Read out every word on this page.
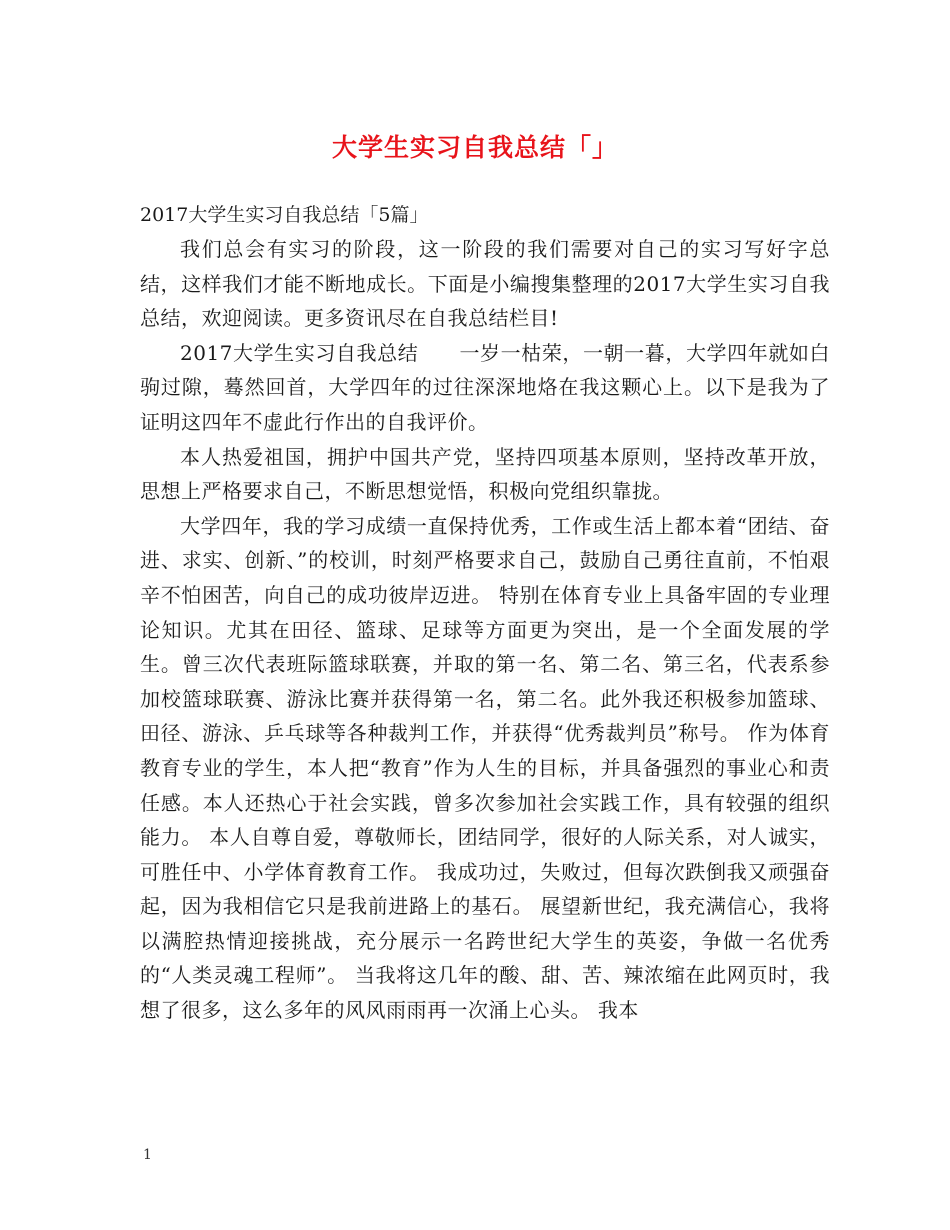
大学生实习自我总结「」

2017大学生实习自我总结「5篇」

我们总会有实习的阶段，这一阶段的我们需要对自己的实习写好字总结，这样我们才能不断地成长。下面是小编搜集整理的2017大学生实习自我总结，欢迎阅读。更多资讯尽在自我总结栏目!

2017大学生实习自我总结　　一岁一枯荣，一朝一暮，大学四年就如白驹过隙，蓦然回首，大学四年的过往深深地烙在我这颗心上。以下是我为了证明这四年不虚此行作出的自我评价。

本人热爱祖国，拥护中国共产党，坚持四项基本原则，坚持改革开放，思想上严格要求自己，不断思想觉悟，积极向党组织靠拢。

大学四年，我的学习成绩一直保持优秀，工作或生活上都本着“团结、奋进、求实、创新、”的校训，时刻严格要求自己，鼓励自己勇往直前，不怕艰辛不怕困苦，向自己的成功彼岸迈进。 特别在体育专业上具备牢固的专业理论知识。尤其在田径、篮球、足球等方面更为突出，是一个全面发展的学生。曾三次代表班际篮球联赛，并取的第一名、第二名、第三名，代表系参加校篮球联赛、游泳比赛并获得第一名，第二名。此外我还积极参加篮球、田径、游泳、乒乓球等各种裁判工作，并获得“优秀裁判员”称号。 作为体育教育专业的学生，本人把“教育”作为人生的目标，并具备强烈的事业心和责任感。本人还热心于社会实践，曾多次参加社会实践工作，具有较强的组织能力。 本人自尊自爱，尊敬师长，团结同学，很好的人际关系，对人诚实，可胜任中、小学体育教育工作。 我成功过，失败过，但每次跌倒我又顽强奋起，因为我相信它只是我前进路上的基石。 展望新世纪，我充满信心，我将以满腔热情迎接挑战，充分展示一名跨世纪大学生的英姿，争做一名优秀的“人类灵魂工程师”。 当我将这几年的酸、甜、苦、辣浓缩在此网页时，我想了很多，这么多年的风风雨雨再一次涌上心头。 我本

1
